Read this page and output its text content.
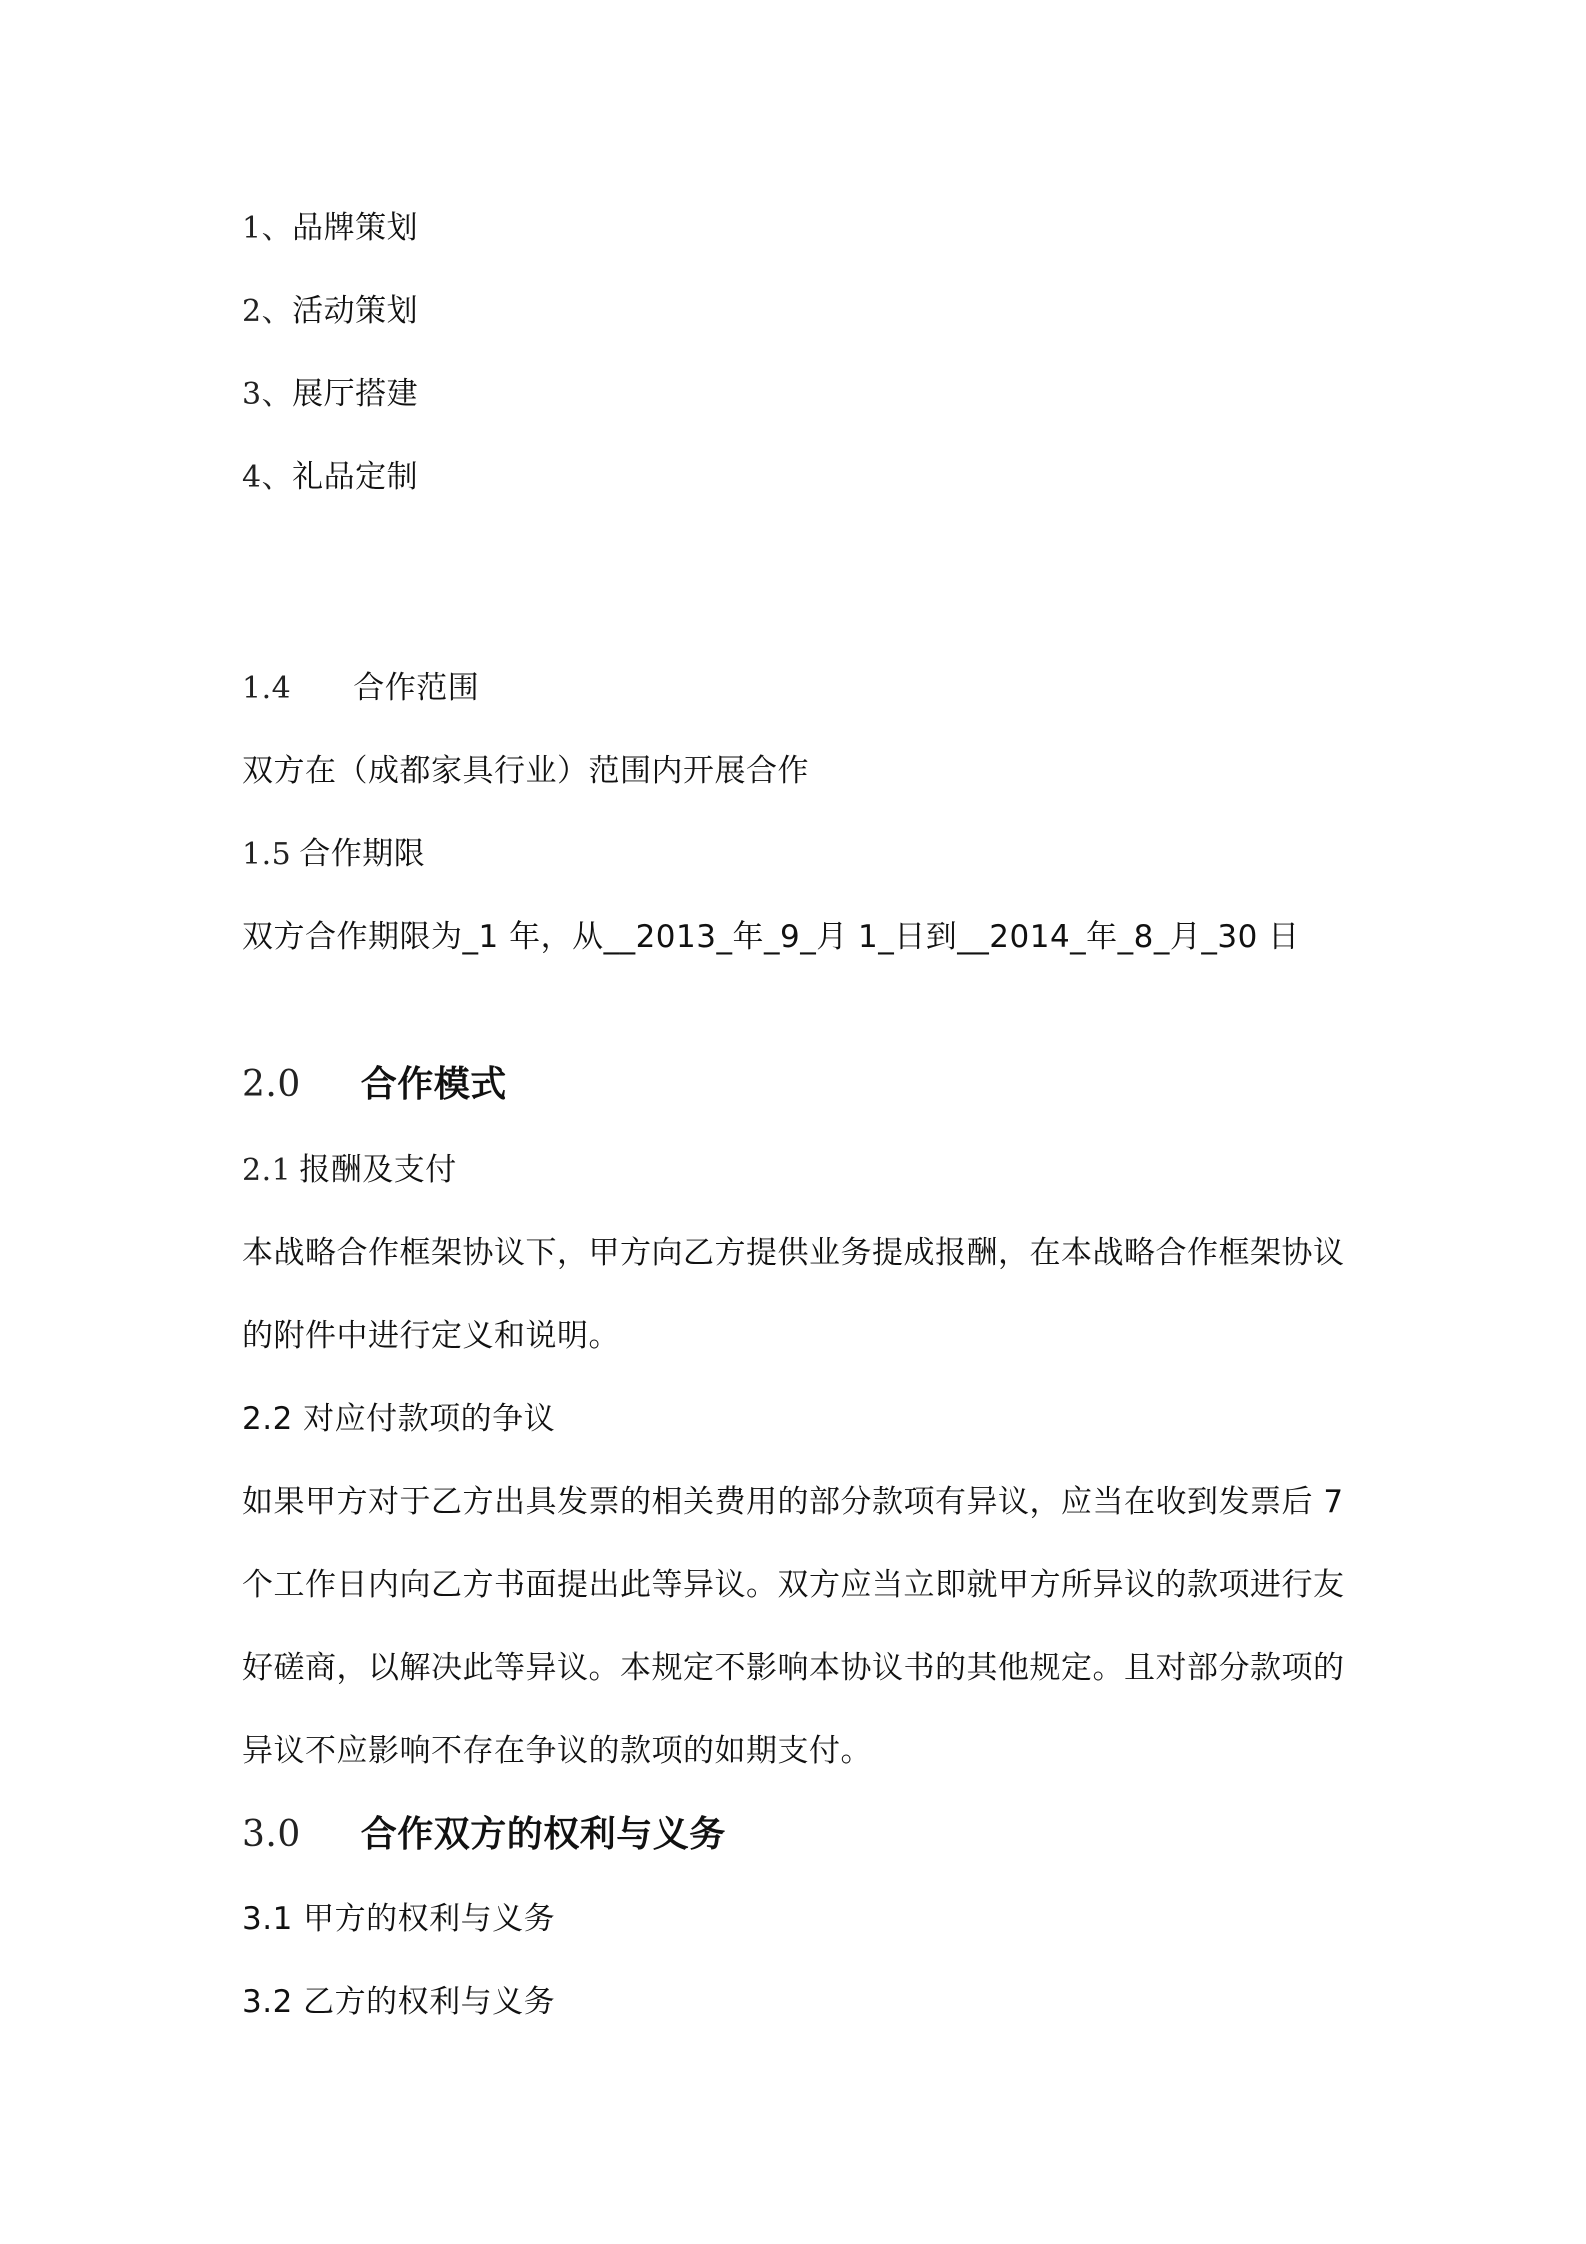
1、品牌策划
2、活动策划
3、展厅搭建
4、礼品定制
1.4 合作范围
双方在（成都家具行业）范围内开展合作
1.5 合作期限
双方合作期限为_1 年，从__2013_年_9_月 1_日到__2014_年_8_月_30 日
2.0 合作模式
2.1 报酬及支付
本战略合作框架协议下，甲方向乙方提供业务提成报酬，在本战略合作框架协议
的附件中进行定义和说明。
2.2 对应付款项的争议
如果甲方对于乙方出具发票的相关费用的部分款项有异议，应当在收到发票后 7
个工作日内向乙方书面提出此等异议。双方应当立即就甲方所异议的款项进行友
好磋商，以解决此等异议。本规定不影响本协议书的其他规定。且对部分款项的
异议不应影响不存在争议的款项的如期支付。
3.0 合作双方的权利与义务
3.1 甲方的权利与义务
3.2 乙方的权利与义务
